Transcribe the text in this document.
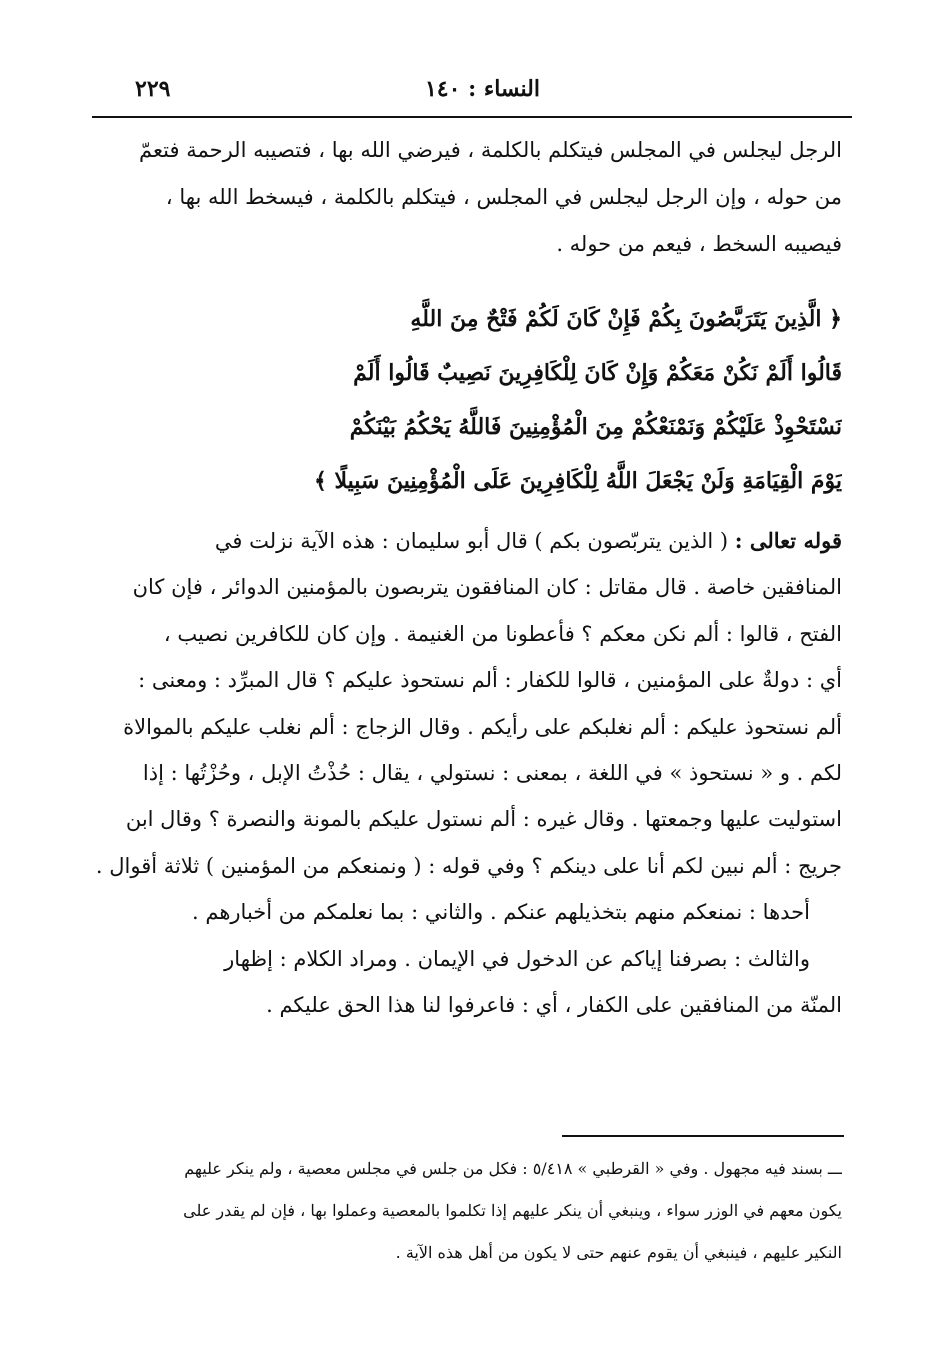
النساء : ١٤٠
٢٢٩
الرجل ليجلس في المجلس فيتكلم بالكلمة ، فيرضي الله بها ، فتصيبه الرحمة فتعمّ
من حوله ، وإن الرجل ليجلس في المجلس ، فيتكلم بالكلمة ، فيسخط الله بها ،
فيصيبه السخط ، فيعم من حوله .
﴿ الَّذِينَ يَتَرَبَّصُونَ بِكُمْ فَإِنْ كَانَ لَكُمْ فَتْحٌ مِنَ اللَّهِ
قَالُوا أَلَمْ نَكُنْ مَعَكُمْ وَإِنْ كَانَ لِلْكَافِرِينَ نَصِيبٌ قَالُوا أَلَمْ
نَسْتَحْوِذْ عَلَيْكُمْ وَنَمْنَعْكُمْ مِنَ الْمُؤْمِنِينَ فَاللَّهُ يَحْكُمُ بَيْنَكُمْ
يَوْمَ الْقِيَامَةِ وَلَنْ يَجْعَلَ اللَّهُ لِلْكَافِرِينَ عَلَى الْمُؤْمِنِينَ سَبِيلًا ﴾
قوله تعالى : ( الذين يتربّصون بكم ) قال أبو سليمان : هذه الآية نزلت في
المنافقين خاصة . قال مقاتل : كان المنافقون يتربصون بالمؤمنين الدوائر ، فإن كان
الفتح ، قالوا : ألم نكن معكم ؟ فأعطونا من الغنيمة . وإن كان للكافرين نصيب ،
أي : دولةٌ على المؤمنين ، قالوا للكفار : ألم نستحوذ عليكم ؟ قال المبرِّد : ومعنى :
ألم نستحوذ عليكم : ألم نغلبكم على رأيكم . وقال الزجاج : ألم نغلب عليكم بالموالاة
لكم . و « نستحوذ » في اللغة ، بمعنى : نستولي ، يقال : حُذْتُ الإبل ، وحُزْتُها : إذا
استوليت عليها وجمعتها . وقال غيره : ألم نستول عليكم بالمونة والنصرة ؟ وقال ابن
جريج : ألم نبين لكم أنا على دينكم ؟ وفي قوله : ( ونمنعكم من المؤمنين ) ثلاثة أقوال .
أحدها : نمنعكم منهم بتخذيلهم عنكم . والثاني : بما نعلمكم من أخبارهم .
والثالث : بصرفنا إياكم عن الدخول في الإيمان . ومراد الكلام : إظهار
المنّة من المنافقين على الكفار ، أي : فاعرفوا لنا هذا الحق عليكم .
ـــ بسند فيه مجهول . وفي « القرطبي » ٥/٤١٨ : فكل من جلس في مجلس معصية ، ولم ينكر عليهم
يكون معهم في الوزر سواء ، وينبغي أن ينكر عليهم إذا تكلموا بالمعصية وعملوا بها ، فإن لم يقدر على
النكير عليهم ، فينبغي أن يقوم عنهم حتى لا يكون من أهل هذه الآية .
